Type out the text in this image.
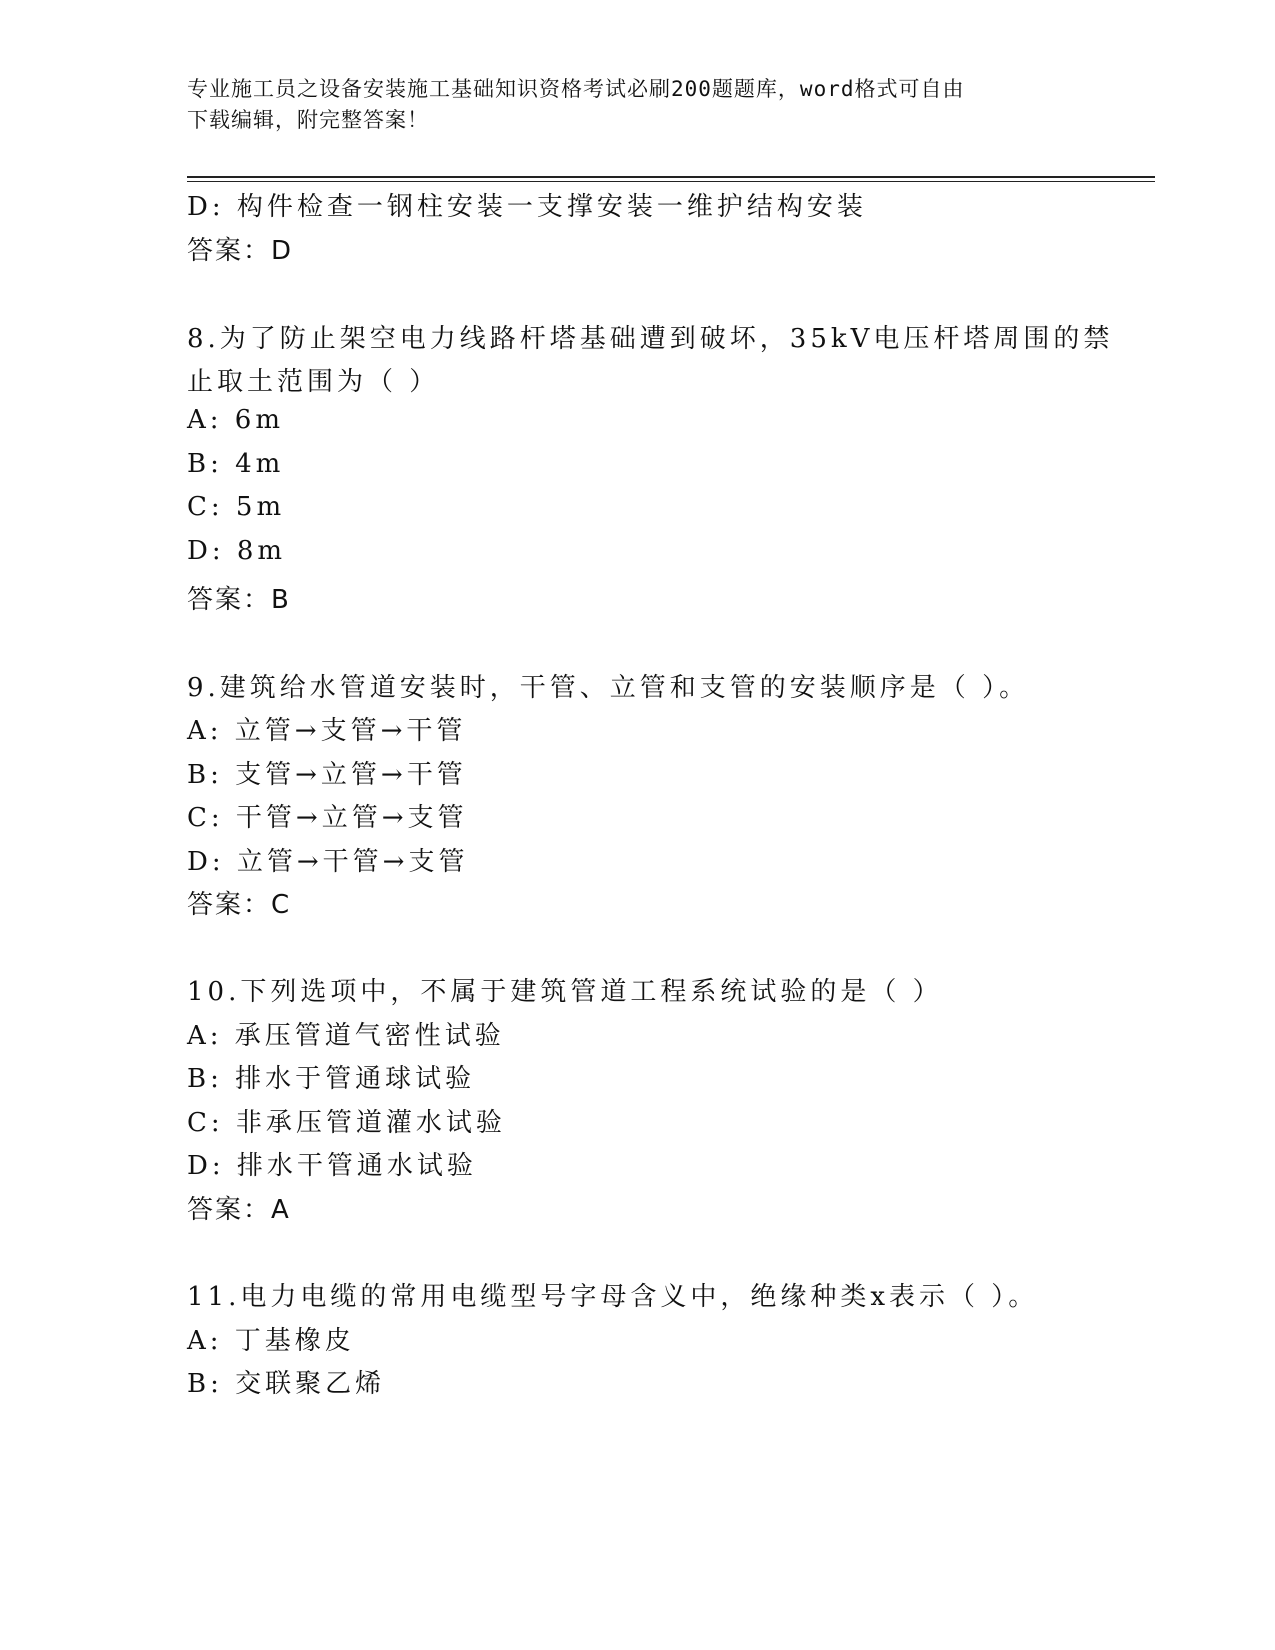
专业施工员之设备安装施工基础知识资格考试必刷200题题库，word格式可自由
下载编辑，附完整答案！
D: 构件检查一钢柱安装一支撑安装一维护结构安装
答案：D
8.为了防止架空电力线路杆塔基础遭到破坏，35kV电压杆塔周围的禁
止取土范围为（ ）
A: 6m
B: 4m
C: 5m
D: 8m
答案：B
9.建筑给水管道安装时，干管、立管和支管的安装顺序是（ ）。
A: 立管→支管→干管
B: 支管→立管→干管
C: 干管→立管→支管
D: 立管→干管→支管
答案：C
10.下列选项中，不属于建筑管道工程系统试验的是（ ）
A: 承压管道气密性试验
B: 排水于管通球试验
C: 非承压管道灌水试验
D: 排水干管通水试验
答案：A
11.电力电缆的常用电缆型号字母含义中，绝缘种类x表示（ ）。
A: 丁基橡皮
B: 交联聚乙烯
